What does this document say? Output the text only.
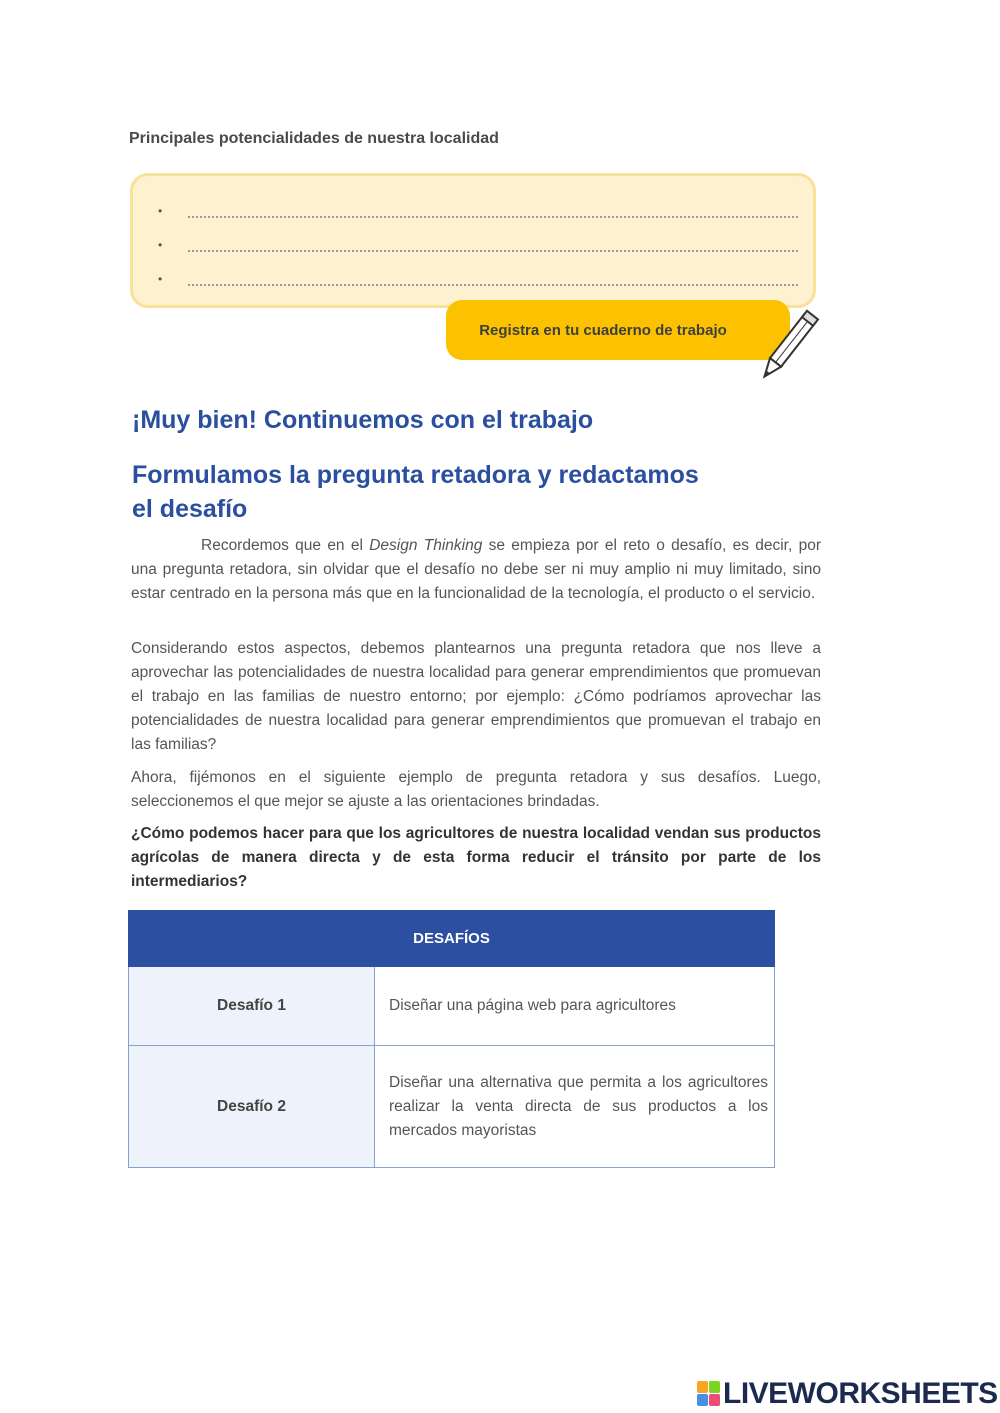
Principales potencialidades de nuestra localidad
•
•
•
Registra en tu cuaderno de trabajo
¡Muy bien! Continuemos con el trabajo
Formulamos la pregunta retadora y redactamos
el desafío

Recordemos que en el Design Thinking se empieza por el reto o desafío, es decir, por una pregunta retadora, sin olvidar que el desafío no debe ser ni muy amplio ni muy limitado, sino estar centrado en la persona más que en la funcionalidad de la tecnología, el producto o el servicio.

Considerando estos aspectos, debemos plantearnos una pregunta retadora que nos lleve a aprovechar las potencialidades de nuestra localidad para generar emprendimientos que promuevan el trabajo en las familias de nuestro entorno; por ejemplo: ¿Cómo podríamos aprovechar las potencialidades de nuestra localidad para generar emprendimientos que promuevan el trabajo en las familias?

Ahora, fijémonos en el siguiente ejemplo de pregunta retadora y sus desafíos. Luego, seleccionemos el que mejor se ajuste a las orientaciones brindadas.

¿Cómo podemos hacer para que los agricultores de nuestra localidad vendan sus productos agrícolas de manera directa y de esta forma reducir el tránsito por parte de los intermediarios?

DESAFÍOS	
Desafío 1	Diseñar una página web para agricultores
Desafío 2	Diseñar una alternativa que permita a los agricultores realizar la venta directa de sus productos a los mercados mayoristas
LIVEWORKSHEETS
